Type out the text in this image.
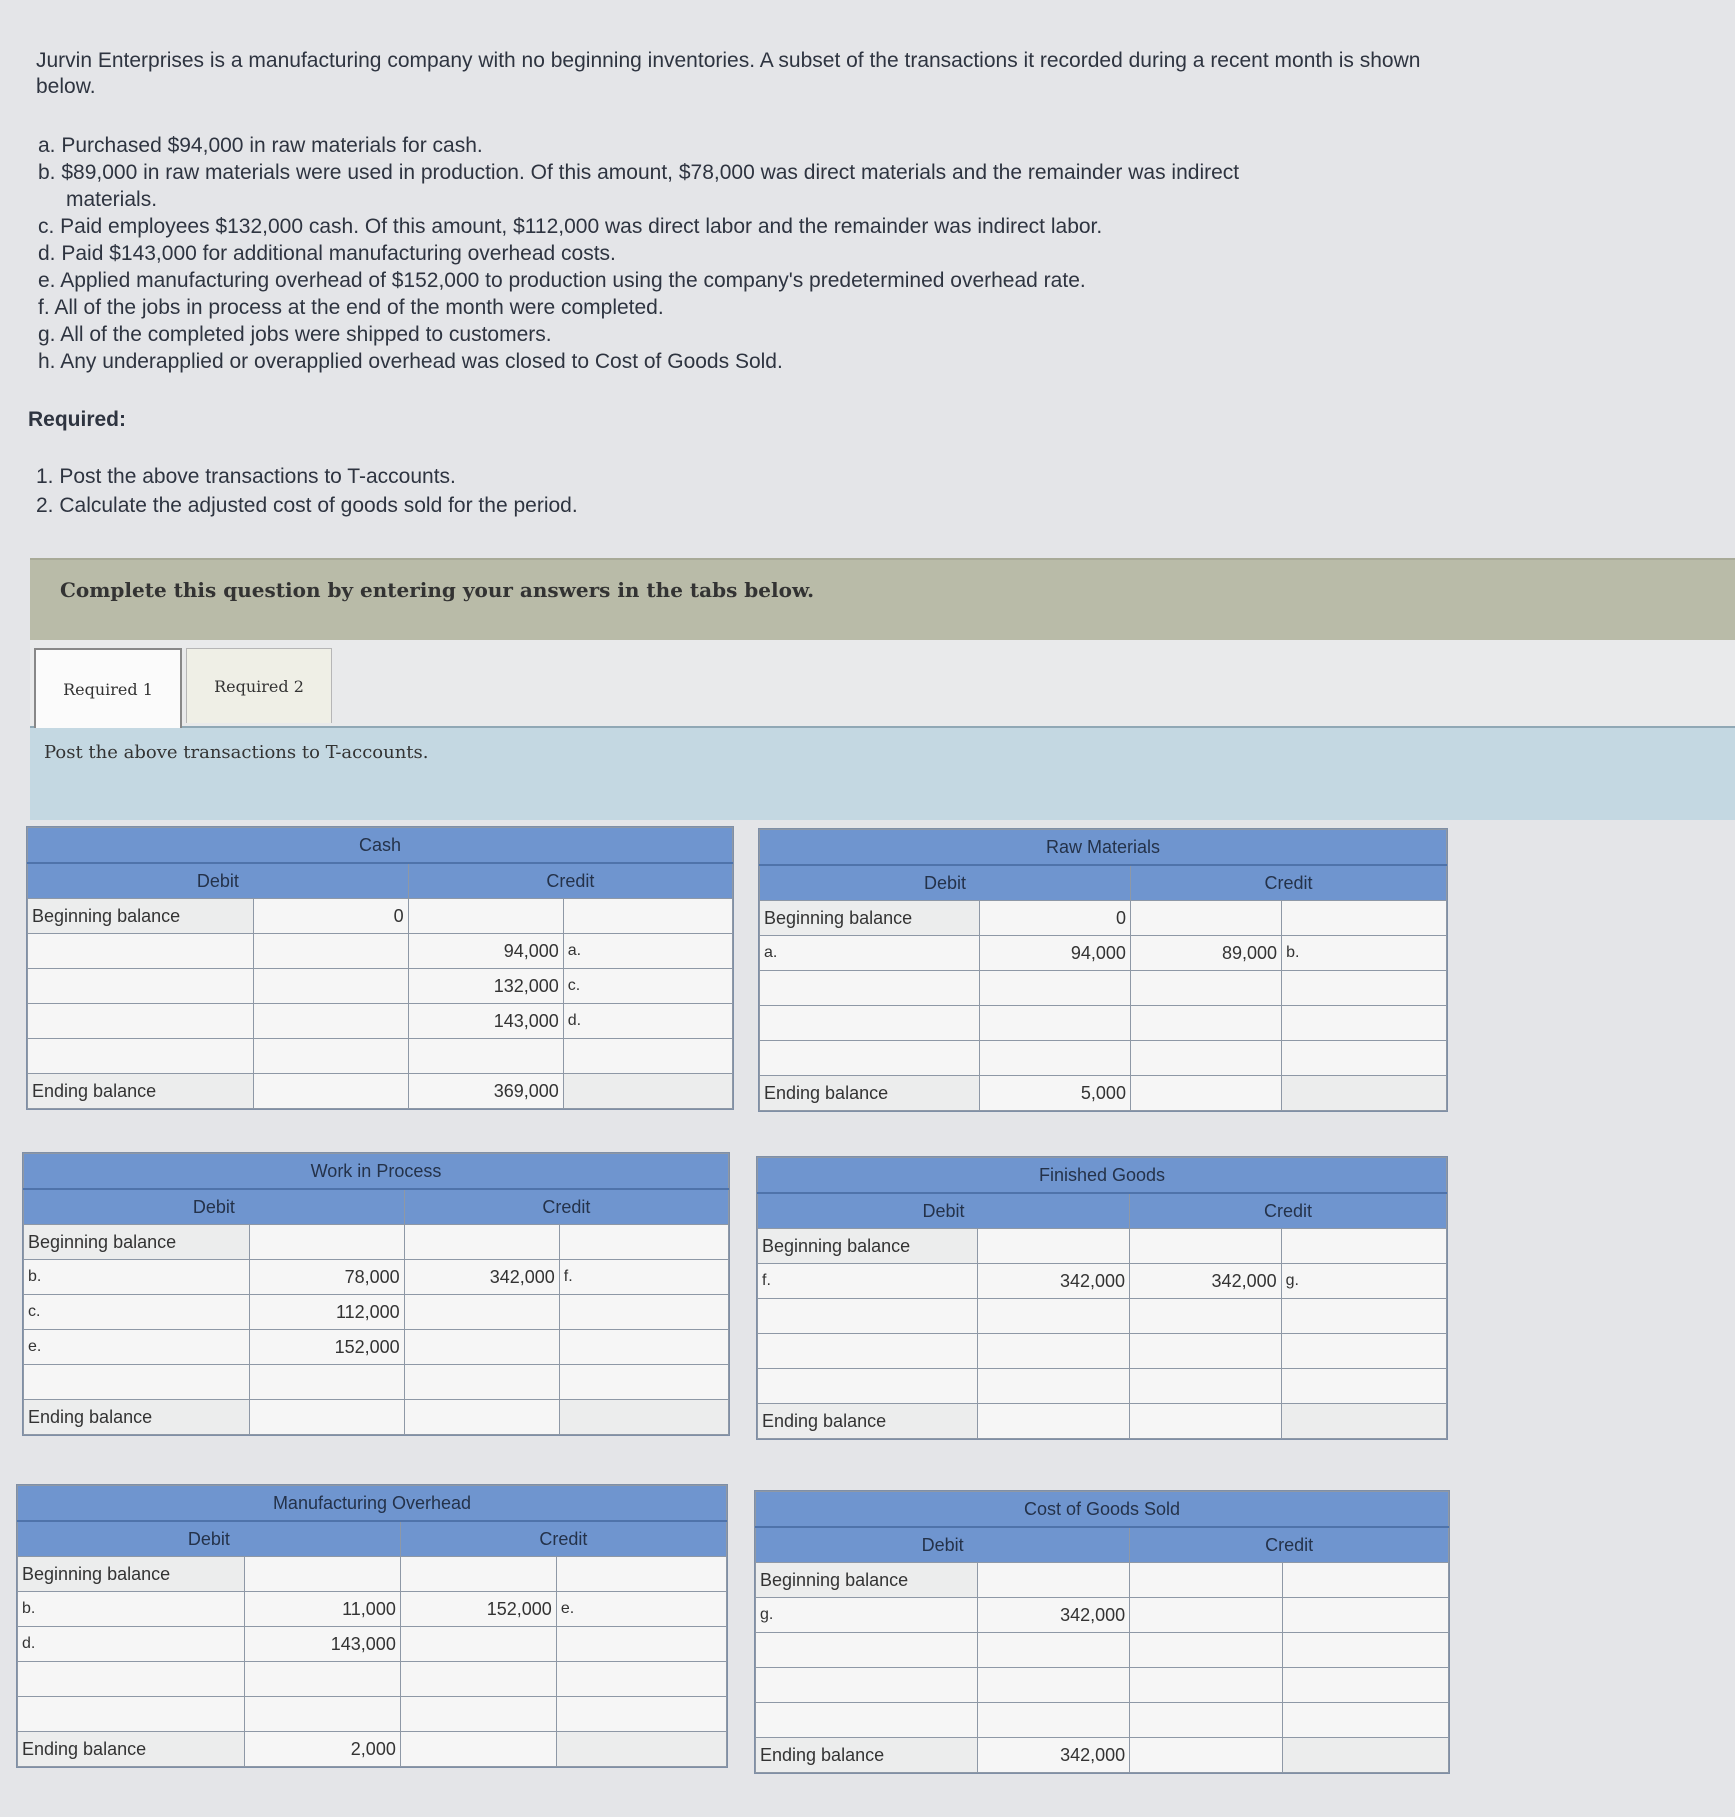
Jurvin Enterprises is a manufacturing company with no beginning inventories. A subset of the transactions it recorded during a recent month is shown below.

a. Purchased $94,000 in raw materials for cash.
b. $89,000 in raw materials were used in production. Of this amount, $78,000 was direct materials and the remainder was indirect
materials.
c. Paid employees $132,000 cash. Of this amount, $112,000 was direct labor and the remainder was indirect labor.
d. Paid $143,000 for additional manufacturing overhead costs.
e. Applied manufacturing overhead of $152,000 to production using the company's predetermined overhead rate.
f. All of the jobs in process at the end of the month were completed.
g. All of the completed jobs were shipped to customers.
h. Any underapplied or overapplied overhead was closed to Cost of Goods Sold.
Required:
1. Post the above transactions to T-accounts.
2. Calculate the adjusted cost of goods sold for the period.
Complete this question by entering your answers in the tabs below.
Required 1	Required 2
Post the above transactions to T-accounts.
Cash			
Debit		Credit	
Beginning balance	0		
		94,000	a.
		132,000	c.
		143,000	d.

Ending balance		369,000	
Raw Materials			
Debit		Credit	
Beginning balance	0		
a.	94,000	89,000	b.

Ending balance	5,000		
Work in Process			
Debit		Credit	
Beginning balance			
b.	78,000	342,000	f.
c.	112,000		
e.	152,000		

Ending balance			
Finished Goods			
Debit		Credit	
Beginning balance			
f.	342,000	342,000	g.

Ending balance			
Manufacturing Overhead			
Debit		Credit	
Beginning balance			
b.	11,000	152,000	e.
d.	143,000		

Ending balance	2,000		
Cost of Goods Sold			
Debit		Credit	
Beginning balance			
g.	342,000		

Ending balance	342,000		
